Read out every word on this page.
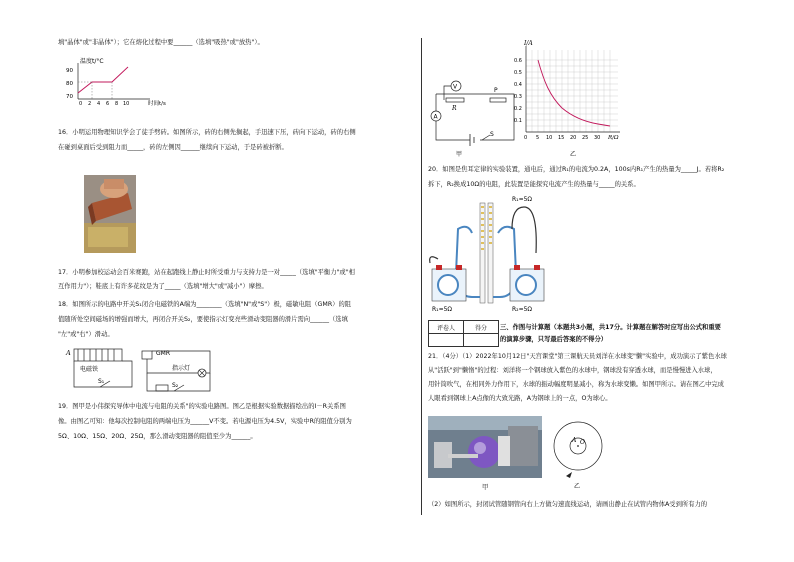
填"晶体"或"非晶体"）；它在熔化过程中要______（选填"吸热"或"放热"）。
温度t/°C
90
80
70
0 2 4 6 8 10	时间t/s
16．小明运用物理知识学会了徒手劈砖。如图所示，砖的右侧先搁起，手迅速下压，砖向下运动，砖的右侧
在碰到桌面后受到阻力而_____，砖的左侧因______继续向下运动，于是砖被折断。
17．小明参加校运动会百米赛跑，站在起跑线上静止时所受重力与支持力是一对_____（选填"平衡力"或"相
互作用力"）；鞋底上有许多花纹是为了_____（选填"增大"或"减小"）摩擦。
18．如图所示的电路中开关S₁闭合电磁铁的A端为________（选填"N"或"S"）极，磁敏电阻（GMR）的阻
值随所处空间磁场的增强而增大，再闭合开关S₂，要使指示灯变亮些滑动变阻器的滑片需向______（选填
"左"或"右"）滑动。
A
电磁铁
S₁
GMR
指示灯
S₂
19．图甲是小伟探究导体中电流与电阻的关系"的实验电路图。图乙是根据实验数据描绘出的I－R关系图
像。由图乙可知：他每次控制电阻的两端电压为______V不变。若电源电压为4.5V，实验中R的阻值分别为
5Ω、10Ω、15Ω、20Ω、25Ω，那么滑动变阻器的阻值至少为______。
V
R
A
P
S
甲
I/A
0.6
0.5
0.4
0.3
0.2
0.1
0 5 10 15 20 25 30 R/Ω
乙
20．如图是焦耳定律的实验装置，通电后，通过R₁的电流为0.2A，100s内R₁产生的热量为_____J。若将R₂
拆下，R₂换成10Ω的电阻，此装置是能探究电流产生的热量与_____的关系。
R₁=5Ω
R₁=5Ω	R₂=5Ω
评卷人	得分
	三、作图与计算题（本题共3小题，共17分。计算题在解答时应写出公式和重要
的演算步骤，只写最后答案的不得分）
21．（4分）（1）2022年10月12日"天宫课堂"第三课航天员刘洋在水球变"懒"实验中，成功演示了紫色水球
从"活跃"到"懒惰"的过程：刘洋将一个钢球放入紫色的水球中，钢球没有穿透水球，而是慢慢进入水球，
用针筒吹气，在相同外力作用下，水球的振动幅度明显减小，称为水球变懒。如图甲所示。请在图乙中完成
人眼看到钢球上A点像的大致光路，A为钢球上的一点，O为球心。
甲
O
A
乙
（2）如图所示，封闭试管随钢管向右上方做匀速直线运动，请画出静止在试管内物体A受到所有力的
